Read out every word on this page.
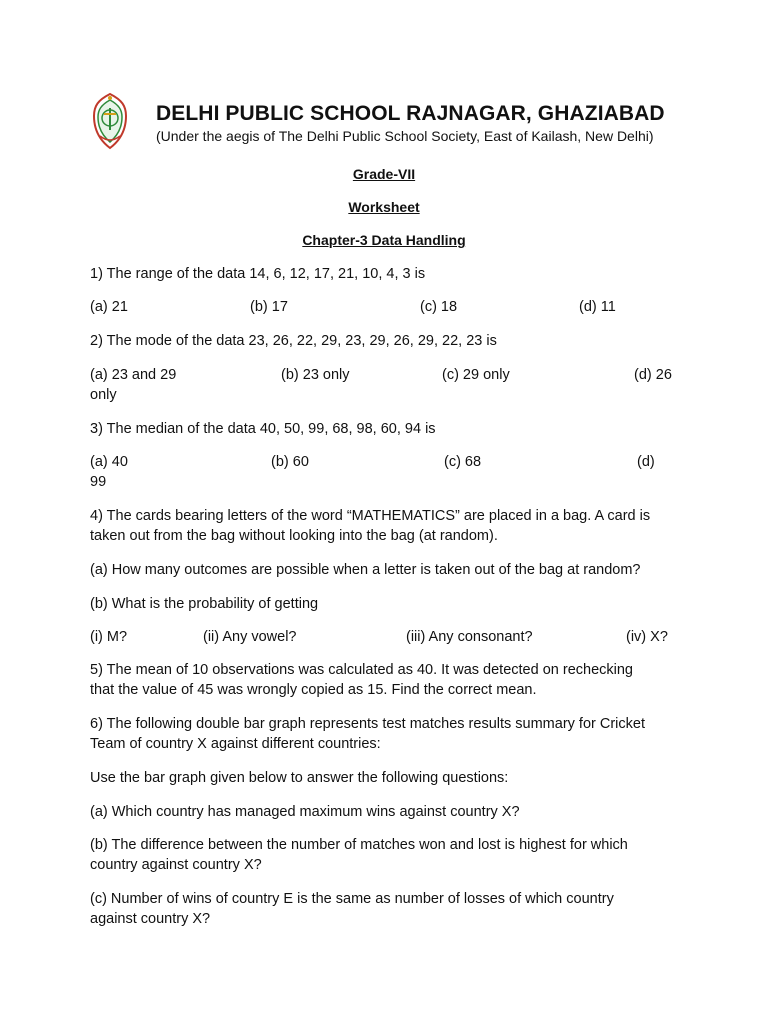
DELHI PUBLIC SCHOOL RAJNAGAR, GHAZIABAD
(Under the aegis of The Delhi Public School Society, East of Kailash, New Delhi)
Grade-VII
Worksheet
Chapter-3 Data Handling
1) The range of the data 14, 6, 12, 17, 21, 10, 4, 3 is
(a) 21	(b) 17	(c) 18	(d) 11
2) The mode of the data 23, 26, 22, 29, 23, 29, 26, 29, 22, 23 is
(a) 23 and 29	(b) 23 only	(c) 29 only	(d) 26
only
3) The median of the data 40, 50, 99, 68, 98, 60, 94 is
(a) 40	(b) 60	(c) 68	(d)
99
4) The cards bearing letters of the word “MATHEMATICS” are placed in a bag. A card is
taken out from the bag without looking into the bag (at random).
(a) How many outcomes are possible when a letter is taken out of the bag at random?
(b) What is the probability of getting
(i) M?	(ii) Any vowel?	(iii) Any consonant?	(iv) X?
5) The mean of 10 observations was calculated as 40. It was detected on rechecking
that the value of 45 was wrongly copied as 15. Find the correct mean.
6) The following double bar graph represents test matches results summary for Cricket
Team of country X against different countries:
Use the bar graph given below to answer the following questions:
(a) Which country has managed maximum wins against country X?
(b) The difference between the number of matches won and lost is highest for which
country against country X?
(c) Number of wins of country E is the same as number of losses of which country
against country X?
